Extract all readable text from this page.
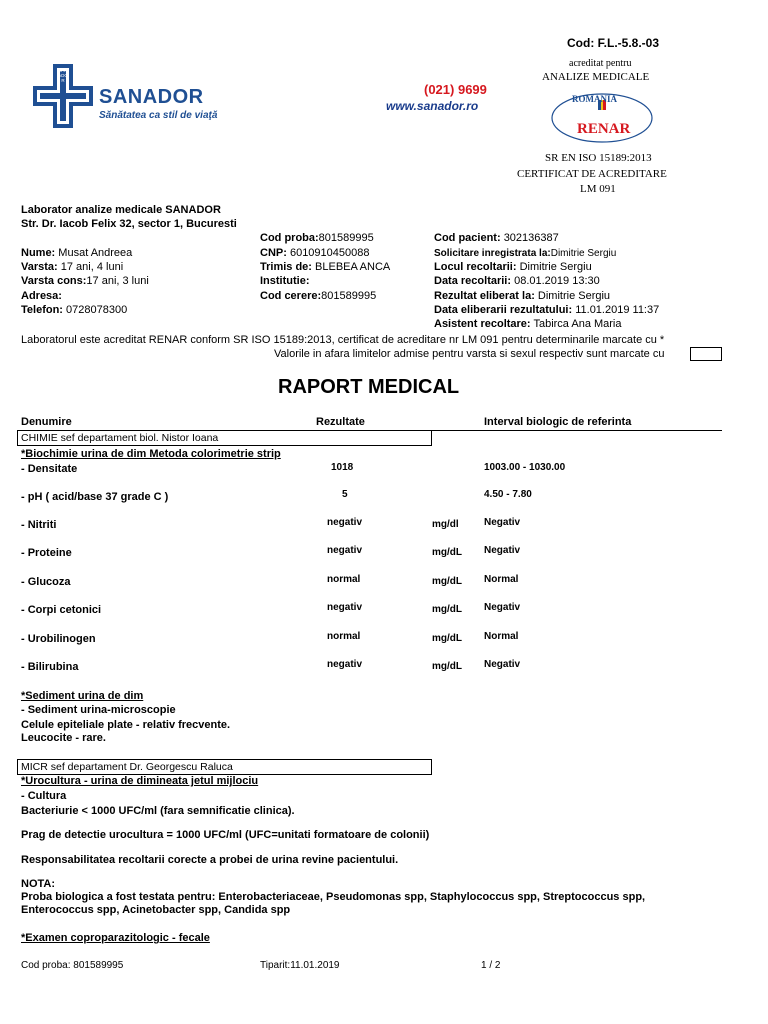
Cod: F.L.-5.8.-03
SANADOR
SANADOR
Sănătatea ca stil de viaţă
(021) 9699
www.sanador.ro
acreditat pentru
ANALIZE MEDICALE
ROMANIA
RENAR
SR EN ISO 15189:2013
CERTIFICAT DE ACREDITARE
LM 091
Laborator analize medicale SANADOR
Str. Dr. Iacob Felix 32, sector 1, Bucuresti
Nume: Musat Andreea
Varsta: 17 ani, 4 luni
Varsta cons:17 ani, 3 luni
Adresa:
Telefon: 0728078300
Cod proba:801589995
CNP: 6010910450088
Trimis de: BLEBEA ANCA
Institutie:
Cod cerere:801589995
Cod pacient: 302136387
Solicitare inregistrata la:Dimitrie Sergiu
Locul recoltarii: Dimitrie Sergiu
Data recoltarii: 08.01.2019 13:30
Rezultat eliberat la: Dimitrie Sergiu
Data eliberarii rezultatului: 11.01.2019 11:37
Asistent recoltare: Tabirca Ana Maria
Laboratorul este acreditat RENAR conform SR ISO 15189:2013, certificat de acreditare nr LM 091 pentru determinarile marcate cu *
Valorile in afara limitelor admise pentru varsta si sexul respectiv sunt marcate cu
RAPORT MEDICAL
Denumire	Rezultate	Interval biologic de referinta
CHIMIE sef departament biol. Nistor Ioana
*Biochimie urina de dim Metoda colorimetrie strip
- Densitate	1018	1003.00 - 1030.00
- pH ( acid/base 37 grade C )	5	4.50 - 7.80
- Nitriti	negativ	mg/dl	Negativ
- Proteine	negativ	mg/dL Negativ
- Glucoza	normal	mg/dL Normal
- Corpi cetonici	negativ	mg/dL Negativ
- Urobilinogen	normal	mg/dL Normal
- Bilirubina	negativ	mg/dL Negativ
*Sediment urina de dim
- Sediment urina-microscopie
Celule epiteliale plate - relativ frecvente.
Leucocite - rare.
MICR sef departament Dr. Georgescu Raluca
*Urocultura - urina de dimineata jetul mijlociu
- Cultura
Bacteriurie < 1000 UFC/ml (fara semnificatie clinica).
Prag de detectie urocultura = 1000 UFC/ml (UFC=unitati formatoare de colonii)
Responsabilitatea recoltarii corecte a probei de urina revine pacientului.
NOTA:
Proba biologica a fost testata pentru: Enterobacteriaceae, Pseudomonas spp, Staphylococcus spp, Streptococcus spp,
Enterococcus spp, Acinetobacter spp, Candida spp
*Examen coproparazitologic - fecale
Cod proba: 801589995	Tiparit:11.01.2019	1 / 2
